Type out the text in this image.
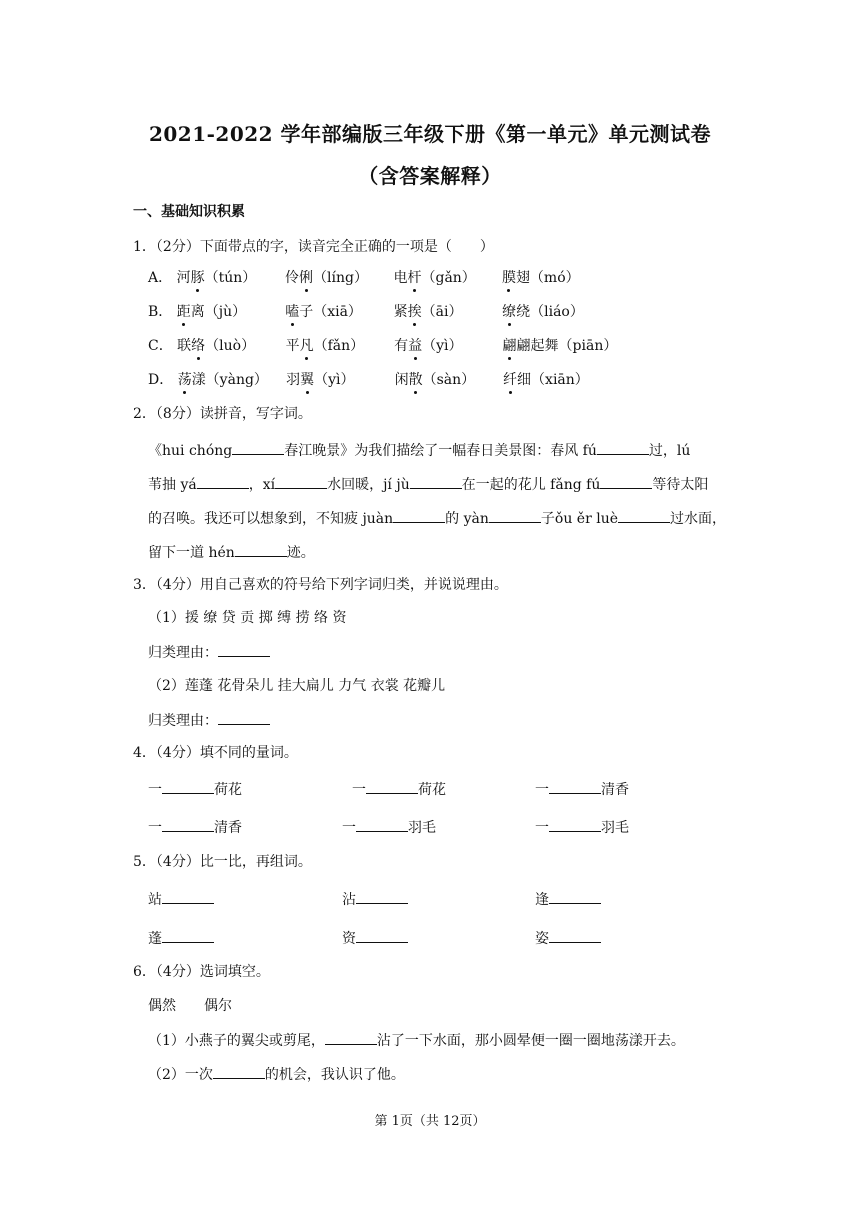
2021-2022 学年部编版三年级下册《第一单元》单元测试卷
（含答案解释）
一、基础知识积累
1．（2分）下面带点的字，读音完全正确的一项是（　　）
A． 河豚（tún） 伶俐（líng） 电杆（gǎn） 膜翅（mó）
B． 距离（jù）	嗑子（xiā） 紧挨（āi）	缭绕（liáo）
C． 联络（luò） 平凡（fǎn） 有益（yì）	翩翩起舞（piān）
D． 荡漾（yàng） 羽翼（yì）	闲散（sàn） 纤细（xiān）
2．（8分）读拼音，写字词。
《hui chóng	春江晚景》为我们描绘了一幅春日美景图：春风 fú	过，lú
苇抽 yá	，xí	水回暖，jí jù	在一起的花儿 fǎng fú	等待太阳
的召唤。我还可以想象到，不知疲 juàn	的 yàn	子ǒu ěr luè	过水面，
留下一道 hén	迹。
3．（4分）用自己喜欢的符号给下列字词归类，并说说理由。
（1）援 缭 贷 贡 掷 缚 捞 络 资
归类理由：
（2）莲蓬 花骨朵儿 挂大扁儿 力气 衣裳 花瓣儿
归类理由：
4．（4分）填不同的量词。
一	荷花	一	荷花	一	清香
一	清香	一	羽毛	一	羽毛
5．（4分）比一比，再组词。
站	沾	逢
蓬	资	姿
6．（4分）选词填空。
偶然　　偶尔
（1）小燕子的翼尖或剪尾，	沾了一下水面，那小圆晕便一圈一圈地荡漾开去。
（2）一次	的机会，我认识了他。
第 1页（共 12页）
